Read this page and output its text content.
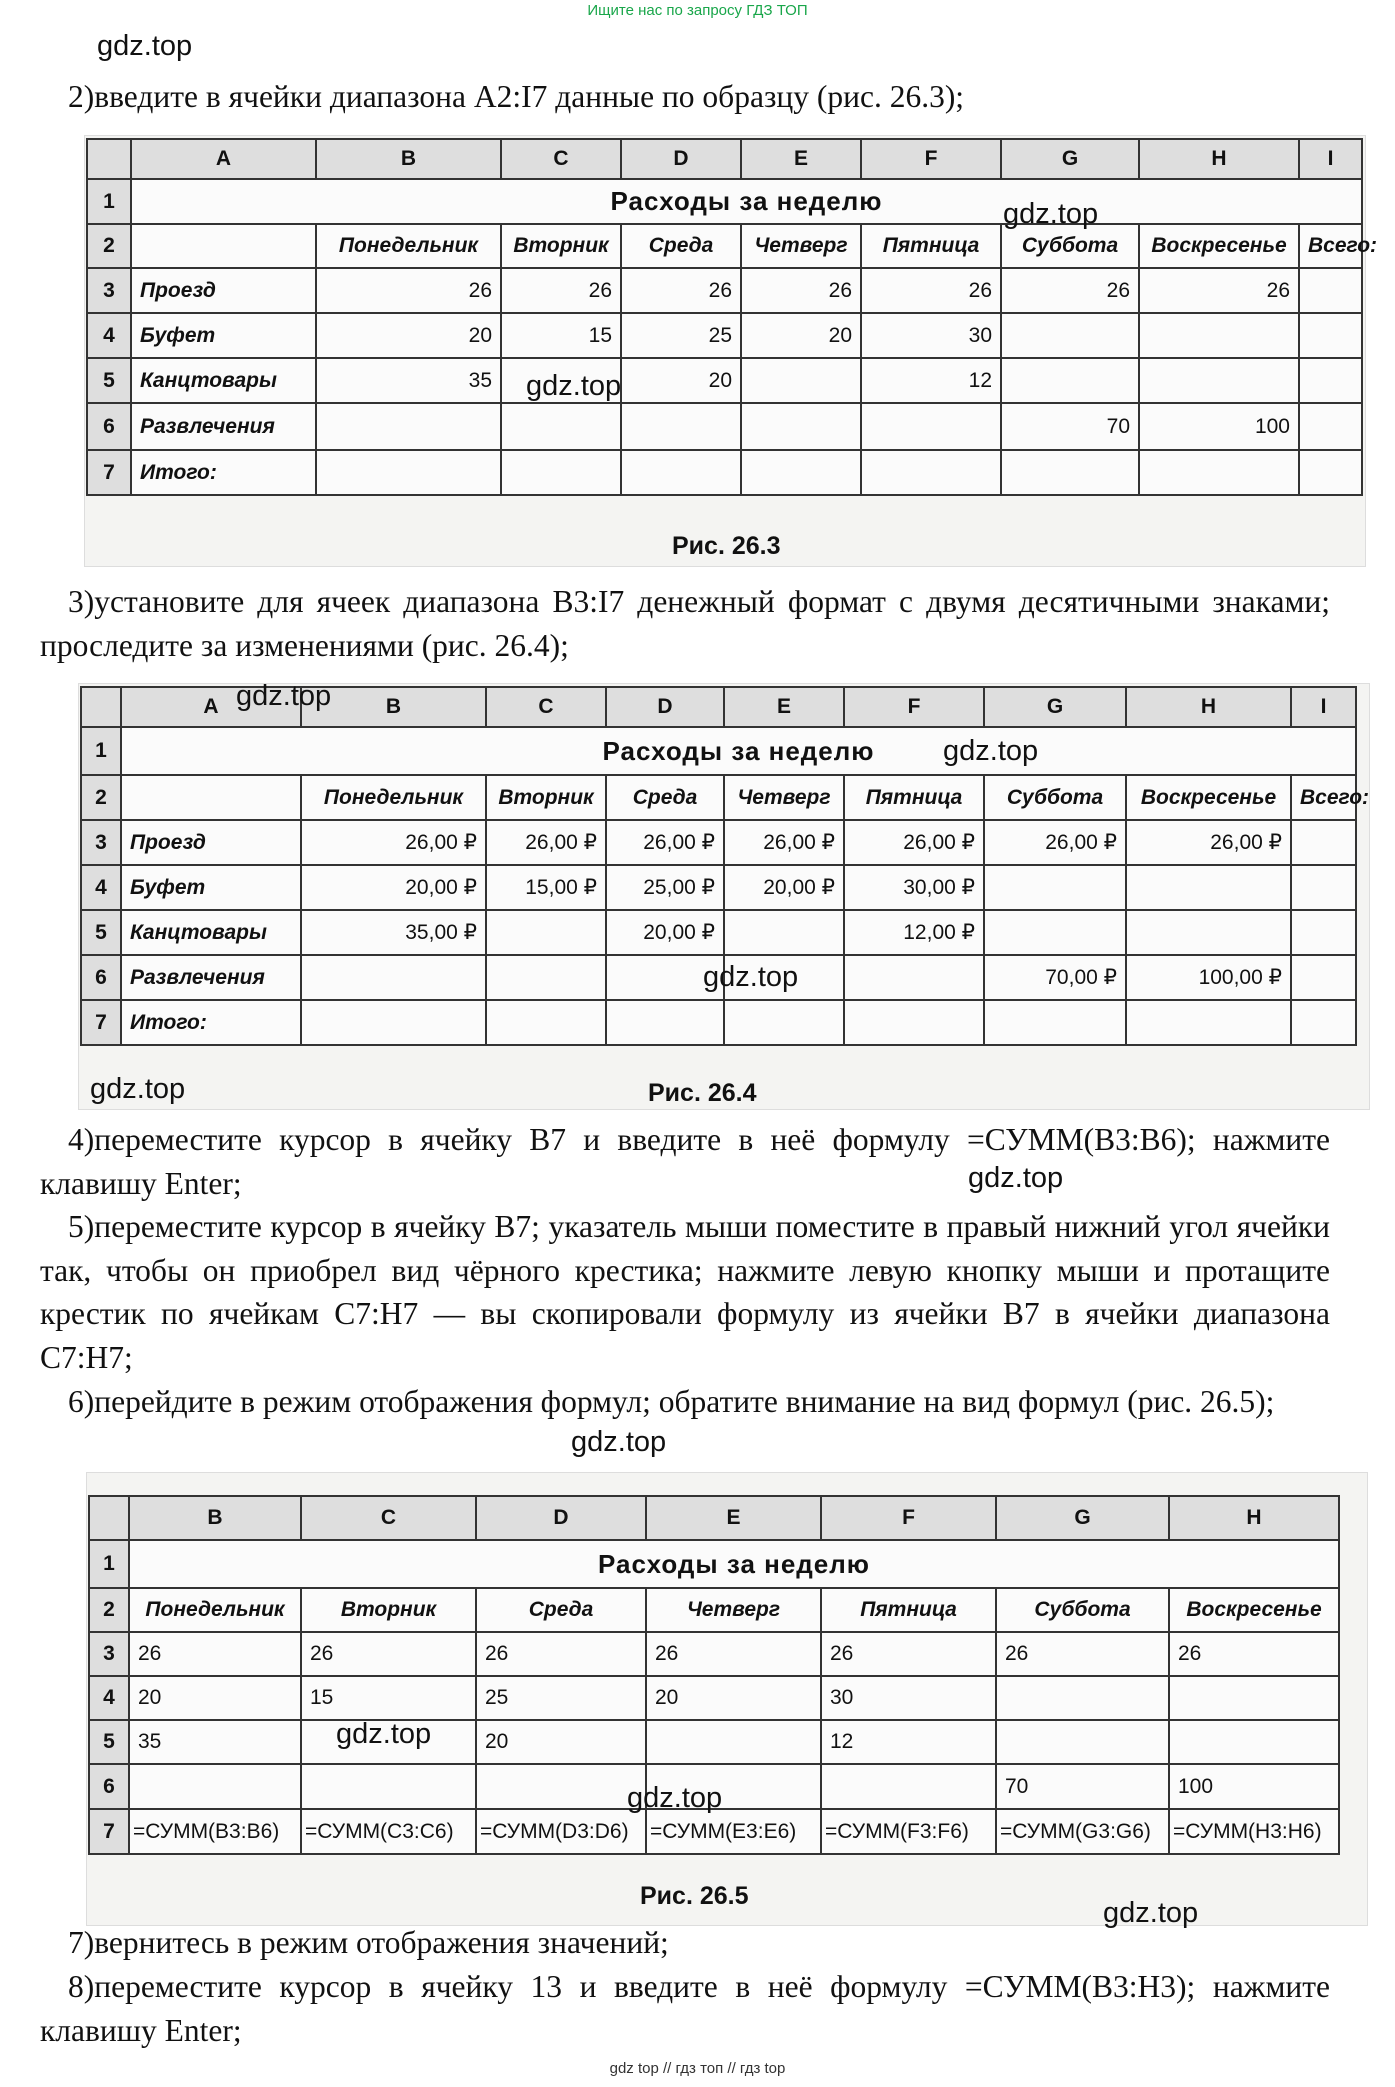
Ищите нас по запросу ГДЗ ТОП
gdz top // гдз топ // гдз top
gdz.top
2)введите в ячейки диапазона A2:I7 данные по образцу (рис. 26.3);
	A	B	C	D	E	F	G	H	I
1	Расходы за неделю								
2		Понедельник	Вторник	Среда	Четверг	Пятница	Суббота	Воскресенье	Всего:
3	Проезд	26	26	26	26	26	26	26	
4	Буфет	20	15	25	20	30			
5	Канцтовары	35		20		12			
6	Развлечения						70	100	
7	Итого:								
gdz.top
gdz.top
Рис. 26.3
3)установите для ячеек диапазона B3:I7 денежный формат с двумя десятичными знаками; проследите за изменениями (рис. 26.4);
	A	B	C	D	E	F	G	H	I
1	Расходы за неделю								
2		Понедельник	Вторник	Среда	Четверг	Пятница	Суббота	Воскресенье	Всего:
3	Проезд	26,00 ₽	26,00 ₽	26,00 ₽	26,00 ₽	26,00 ₽	26,00 ₽	26,00 ₽	
4	Буфет	20,00 ₽	15,00 ₽	25,00 ₽	20,00 ₽	30,00 ₽			
5	Канцтовары	35,00 ₽		20,00 ₽		12,00 ₽			
6	Развлечения						70,00 ₽	100,00 ₽	
7	Итого:								
gdz.top
gdz.top
gdz.top
gdz.top	Рис. 26.4
4)переместите курсор в ячейку B7 и введите в неё формулу =СУММ(B3:B6); нажмите клавишу Enter;	gdz.top
5)переместите курсор в ячейку B7; указатель мыши поместите в правый нижний угол ячейки так, чтобы он приобрел вид чёрного крестика; нажмите левую кнопку мыши и протащите крестик по ячейкам C7:H7 — вы скопировали формулу из ячейки B7 в ячейки диапазона C7:H7;
6)перейдите в режим отображения формул; обратите внимание на вид формул (рис. 26.5);
gdz.top
	B	C	D	E	F	G	H
1	Расходы за неделю						
2	Понедельник	Вторник	Среда	Четверг	Пятница	Суббота	Воскресенье
3	26	26	26	26	26	26	26
4	20	15	25	20	30		
5	35		20		12		
6						70	100
7	=СУММ(B3:B6)	=СУММ(C3:C6)	=СУММ(D3:D6)	=СУММ(E3:E6)	=СУММ(F3:F6)	=СУММ(G3:G6)	=СУММ(H3:H6)
gdz.top
gdz.top
Рис. 26.5
gdz.top
7)вернитесь в режим отображения значений;
8)переместите курсор в ячейку 13 и введите в неё формулу =СУММ(B3:H3); нажмите клавишу Enter;
